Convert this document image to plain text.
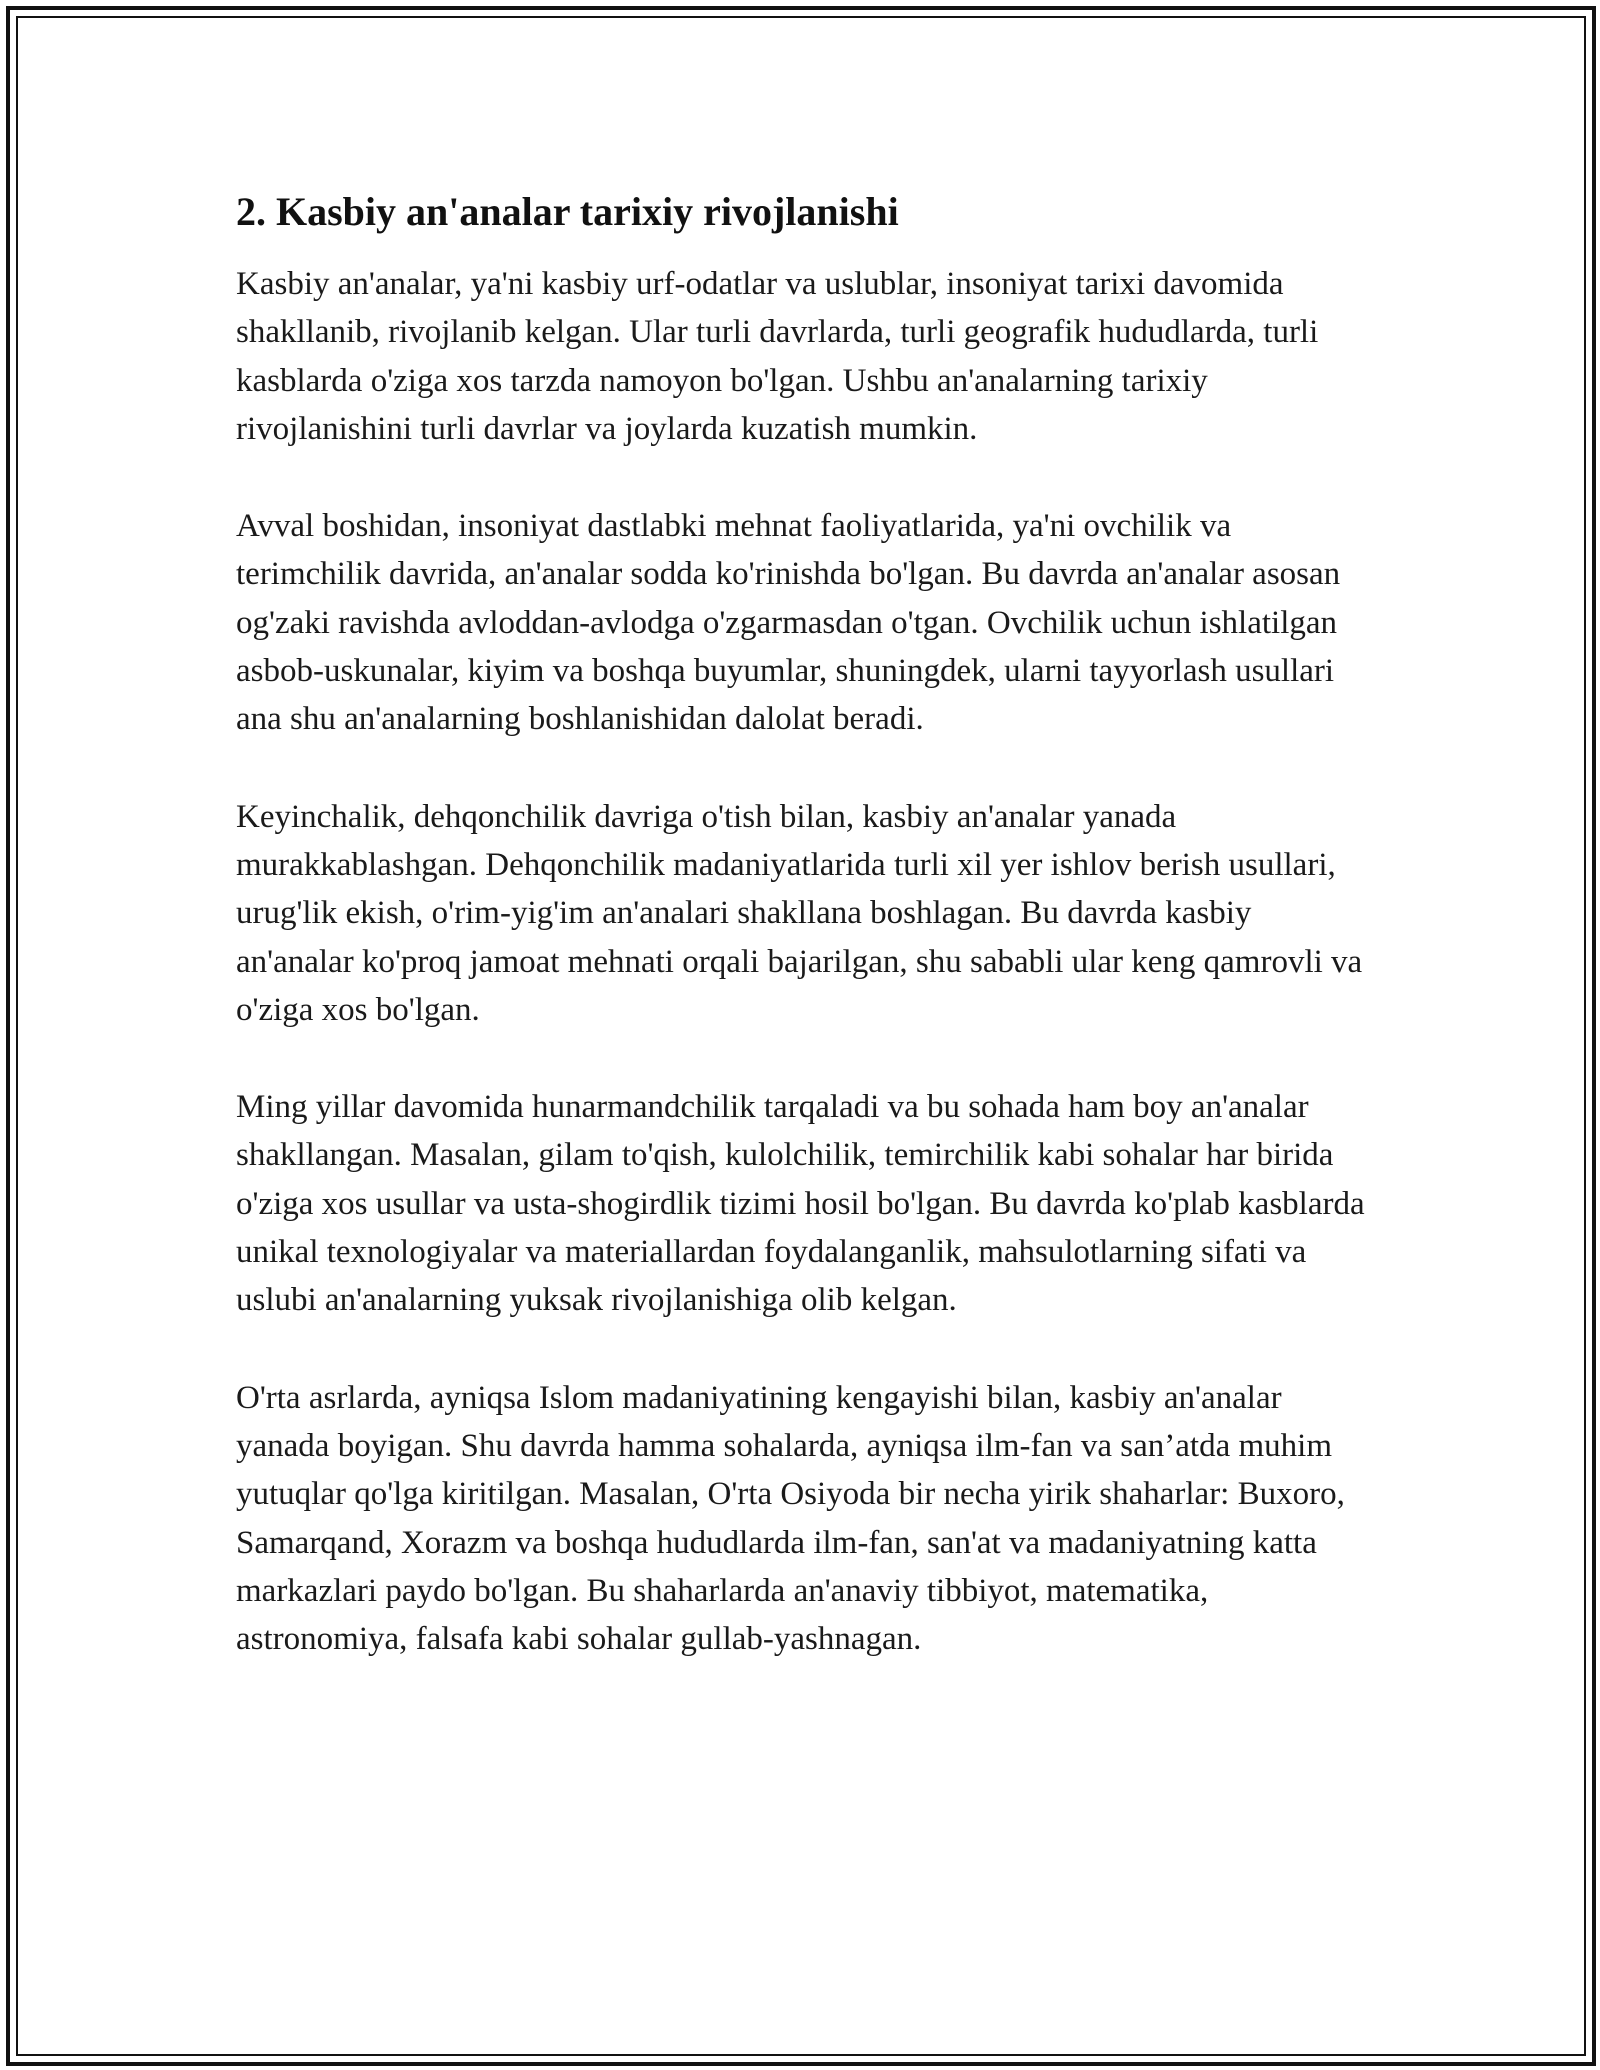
2. Kasbiy an'analar tarixiy rivojlanishi

Kasbiy an'analar, ya'ni kasbiy urf-odatlar va uslublar, insoniyat tarixi davomida shakllanib, rivojlanib kelgan. Ular turli davrlarda, turli geografik hududlarda, turli kasblarda o'ziga xos tarzda namoyon bo'lgan. Ushbu an'analarning tarixiy rivojlanishini turli davrlar va joylarda kuzatish mumkin.

Avval boshidan, insoniyat dastlabki mehnat faoliyatlarida, ya'ni ovchilik va terimchilik davrida, an'analar sodda ko'rinishda bo'lgan. Bu davrda an'analar asosan og'zaki ravishda avloddan-avlodga o'zgarmasdan o'tgan. Ovchilik uchun ishlatilgan asbob-uskunalar, kiyim va boshqa buyumlar, shuningdek, ularni tayyorlash usullari ana shu an'analarning boshlanishidan dalolat beradi.

Keyinchalik, dehqonchilik davriga o'tish bilan, kasbiy an'analar yanada murakkablashgan. Dehqonchilik madaniyatlarida turli xil yer ishlov berish usullari, urug'lik ekish, o'rim-yig'im an'analari shakllana boshlagan. Bu davrda kasbiy an'analar ko'proq jamoat mehnati orqali bajarilgan, shu sababli ular keng qamrovli va o'ziga xos bo'lgan.

Ming yillar davomida hunarmandchilik tarqaladi va bu sohada ham boy an'analar shakllangan. Masalan, gilam to'qish, kulolchilik, temirchilik kabi sohalar har birida o'ziga xos usullar va usta-shogirdlik tizimi hosil bo'lgan. Bu davrda ko'plab kasblarda unikal texnologiyalar va materiallardan foydalanganlik, mahsulotlarning sifati va uslubi an'analarning yuksak rivojlanishiga olib kelgan.

O'rta asrlarda, ayniqsa Islom madaniyatining kengayishi bilan, kasbiy an'analar yanada boyigan. Shu davrda hamma sohalarda, ayniqsa ilm-fan va san’atda muhim yutuqlar qo'lga kiritilgan. Masalan, O'rta Osiyoda bir necha yirik shaharlar: Buxoro, Samarqand, Xorazm va boshqa hududlarda ilm-fan, san'at va madaniyatning katta markazlari paydo bo'lgan. Bu shaharlarda an'anaviy tibbiyot, matematika, astronomiya, falsafa kabi sohalar gullab-yashnagan.
